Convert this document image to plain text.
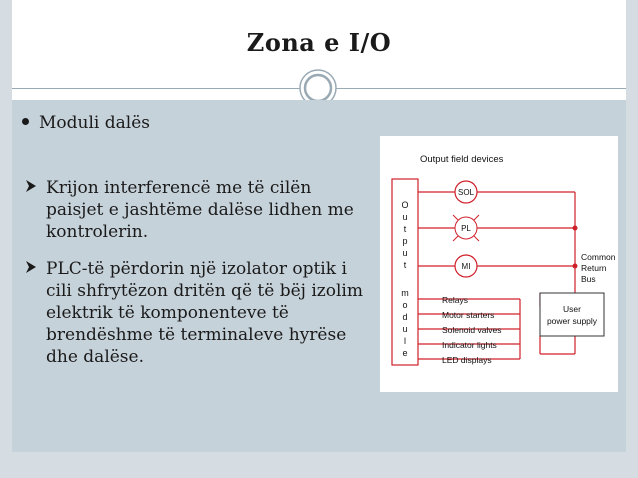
Zona e I/O
Moduli dalës
Krijon interferencë me të cilën paisjet e jashtëme dalëse lidhen me kontrolerin.
PLC-të përdorin një izolator optik i cili shfrytëzon dritën që të bëj izolim elektrik të komponenteve të brendëshme të terminaleve hyrëse dhe dalëse.
Output field devices
O
u
t
p
u
t
m
o
d
u
l
e
SOL
PL
MI
Common
Return
Bus
User
power supply
Relays
Motor starters
Solenoid valves
Indicator lights
LED displays
